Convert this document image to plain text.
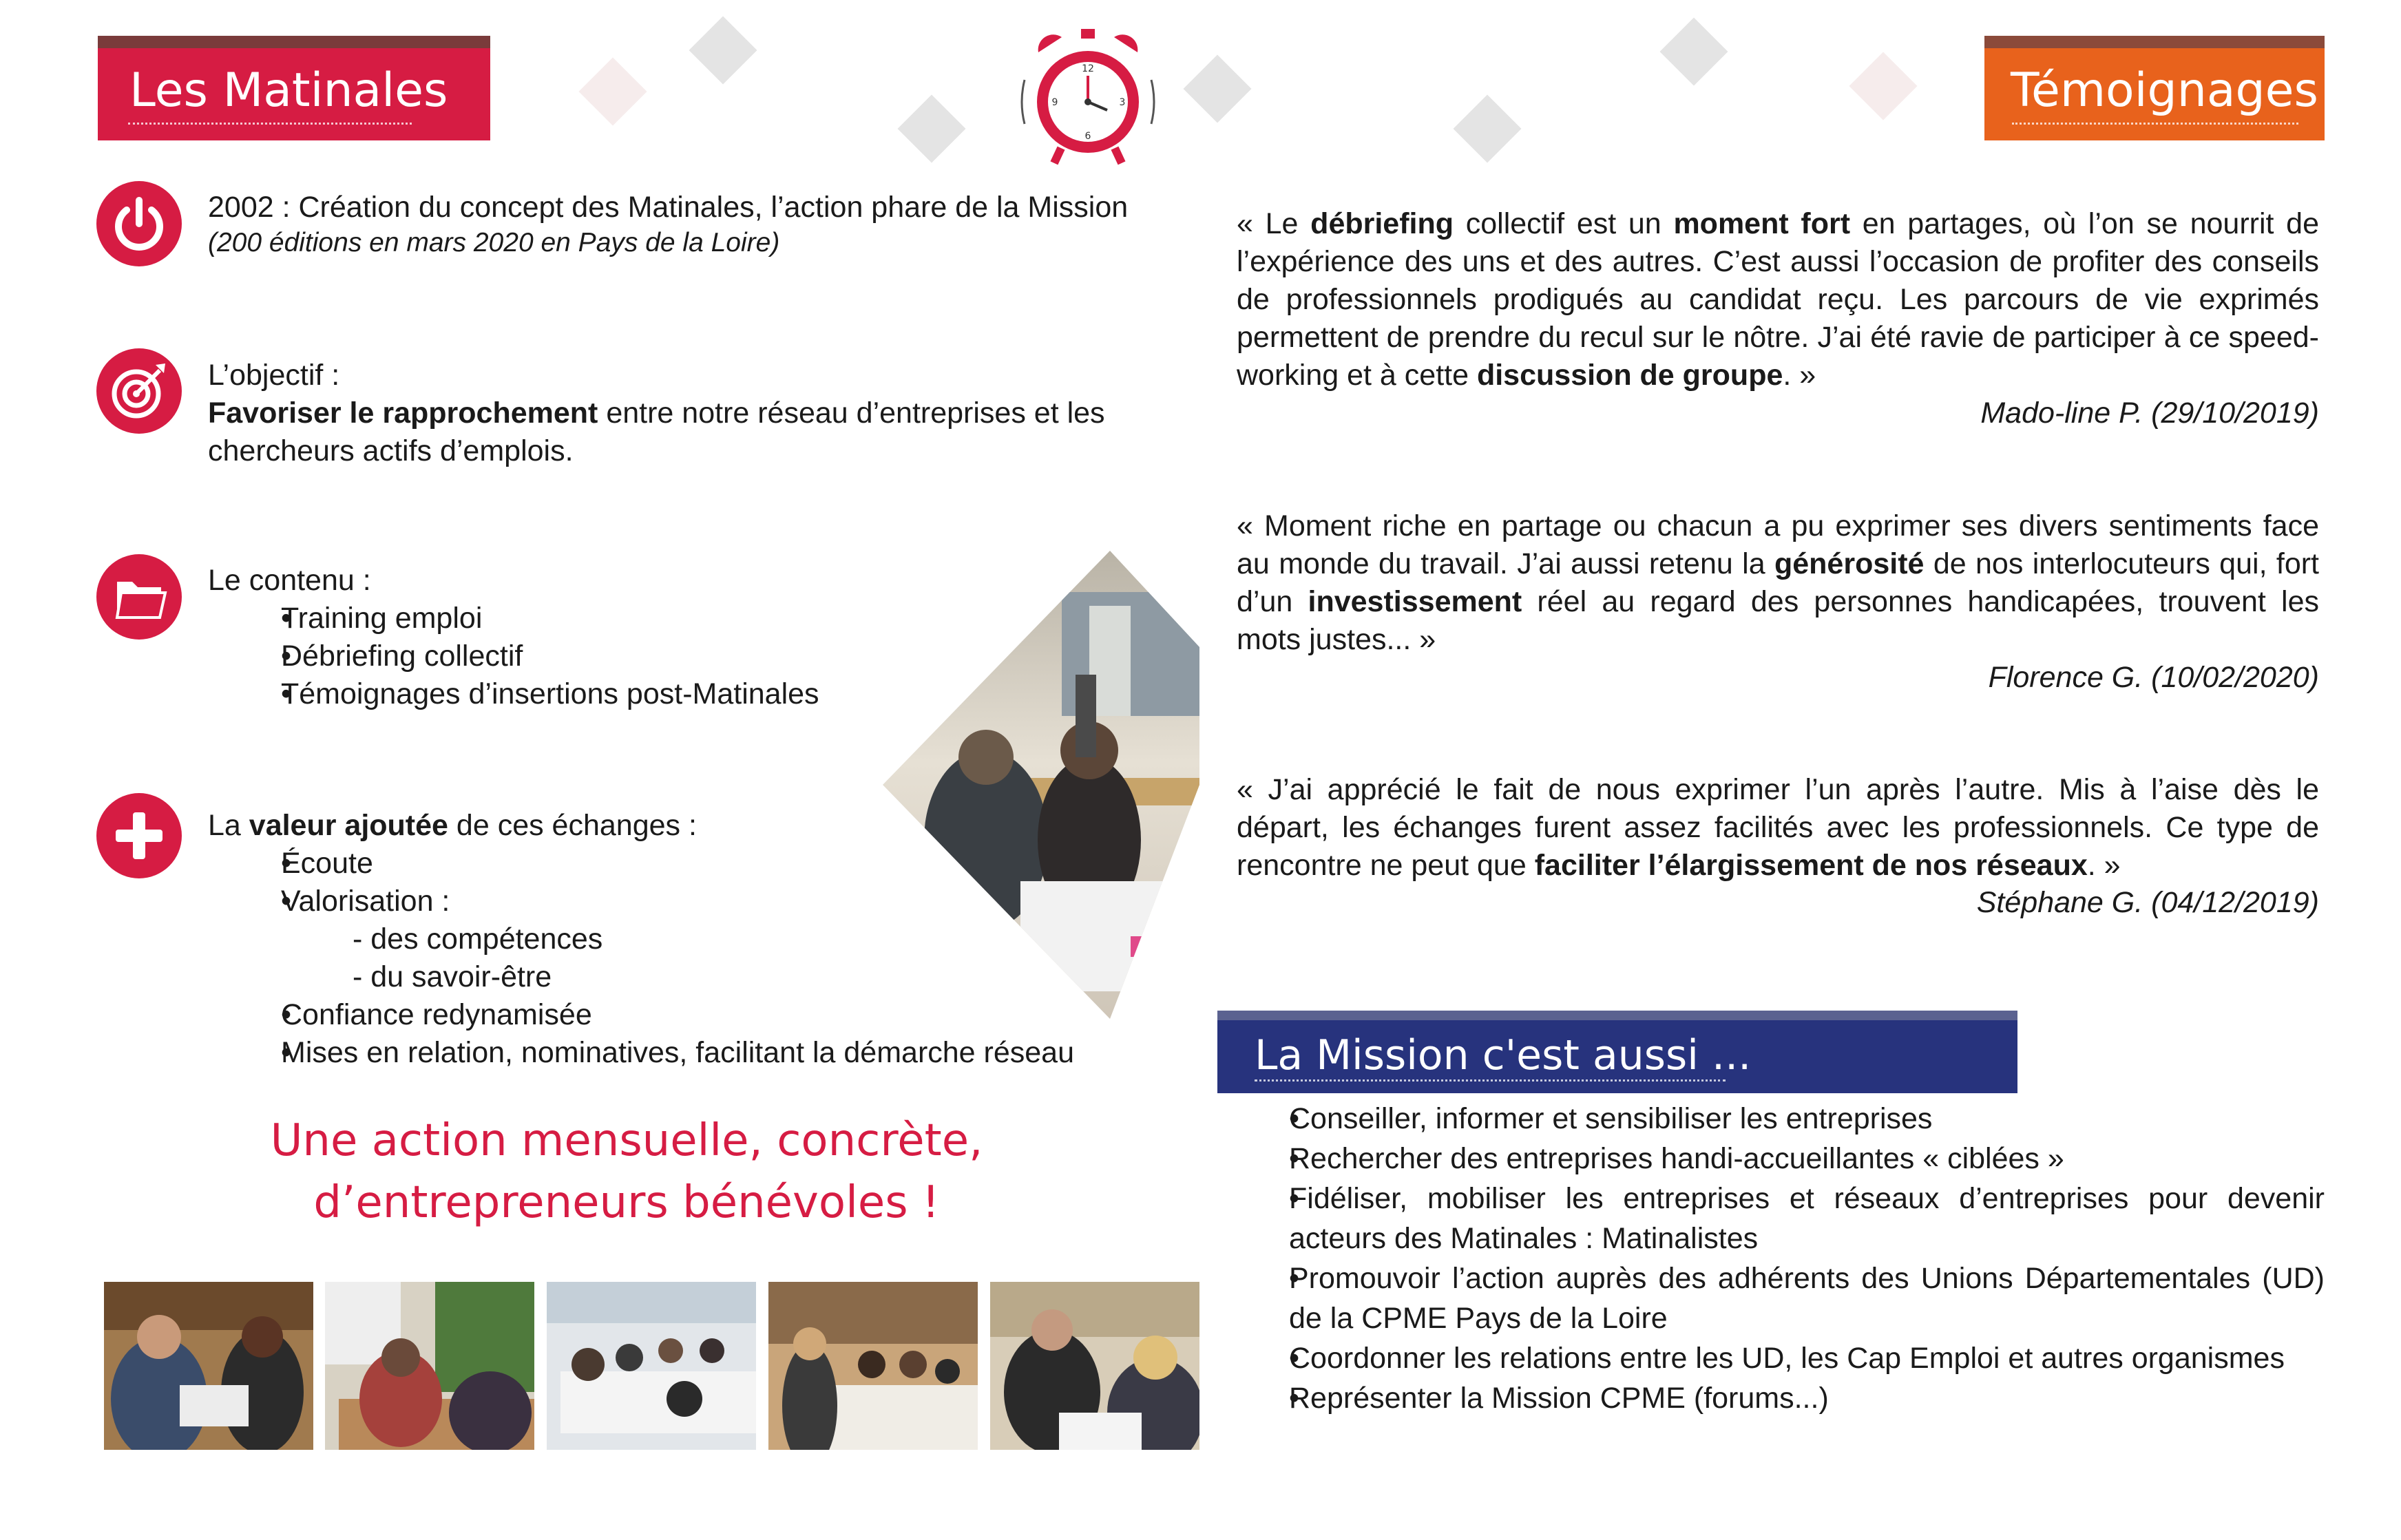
Les Matinales	Témoignages
12
3
6
9
2002 : Création du concept des Matinales, l’action phare de la Mission
(200 éditions en mars 2020 en Pays de la Loire)
L’objectif :
Favoriser le rapprochement entre notre réseau d’entreprises et les
chercheurs actifs d’emplois.
Le contenu :
• Training emploi
• Débriefing collectif
• Témoignages d’insertions post-Matinales
La valeur ajoutée de ces échanges :
• Écoute
• Valorisation :
- des compétences
- du savoir-être
• Confiance redynamisée
• Mises en relation, nominatives, facilitant la démarche réseau
Une action mensuelle, concrète,
d’entrepreneurs bénévoles !
« Le débriefing collectif est un moment fort en partages, où l’on se nourrit de l’expérience des uns et des autres. C’est aussi l’occasion de profiter des conseils de professionnels prodigués au candidat reçu. Les parcours de vie exprimés permettent de prendre du recul sur le nôtre. J’ai été ravie de participer à ce speed-working et à cette discussion de groupe. »
Mado-line P. (29/10/2019)
« Moment riche en partage ou chacun a pu exprimer ses divers sentiments face au monde du travail. J’ai aussi retenu la générosité de nos interlocuteurs qui, fort d’un investissement réel au regard des personnes handicapées, trouvent les mots justes... »
Florence G. (10/02/2020)
« J’ai apprécié le fait de nous exprimer l’un après l’autre. Mis à l’aise dès le départ, les échanges furent assez facilités avec les professionnels. Ce type de rencontre ne peut que faciliter l’élargissement de nos réseaux. »
Stéphane G. (04/12/2019)
La Mission c'est aussi ...
• Conseiller, informer et sensibiliser les entreprises
• Rechercher des entreprises handi-accueillantes « ciblées »
• Fidéliser, mobiliser les entreprises et réseaux d’entreprises pour devenir acteurs des Matinales : Matinalistes
• Promouvoir l’action auprès des adhérents des Unions Départementales (UD) de la CPME Pays de la Loire
• Coordonner les relations entre les UD, les Cap Emploi et autres organismes
• Représenter la Mission CPME (forums...)
